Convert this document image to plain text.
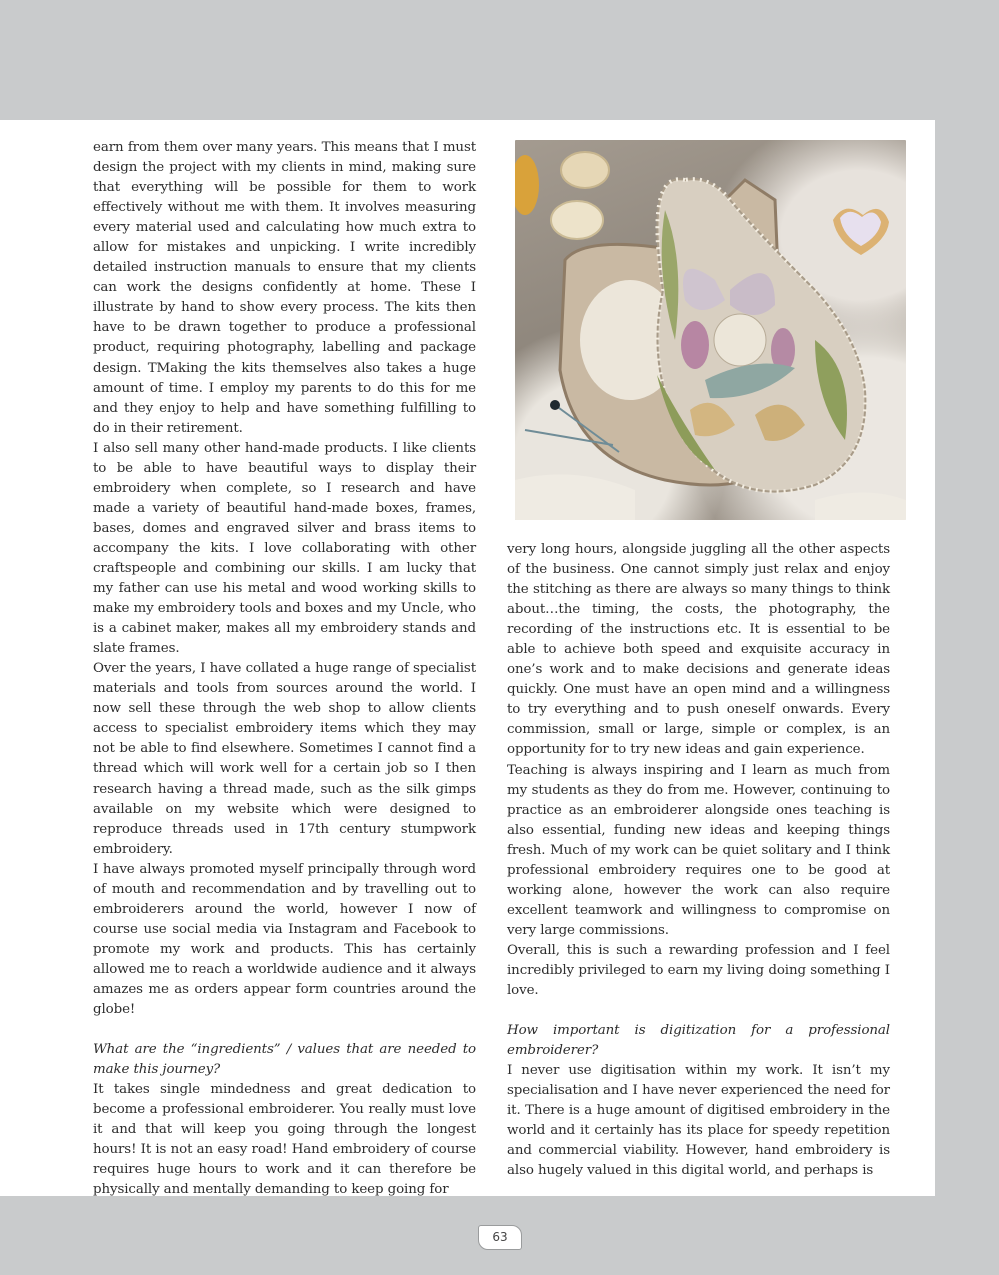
earn from them over many years. This means that I must design the project with my clients in mind, making sure that everything will be possible for them to work effectively without me with them. It involves measuring every material used and calculating how much extra to allow for mistakes and unpicking. I write incredibly detailed instruction manuals to ensure that my clients can work the designs confidently at home. These I illustrate by hand to show every process. The kits then have to be drawn together to produce a professional product, requiring photography, labelling and package design. TMaking the kits themselves also takes a huge amount of time. I employ my parents to do this for me and they enjoy to help and have something fulfilling to do in their retirement.

I also sell many other hand-made products. I like clients to be able to have beautiful ways to display their embroidery when complete, so I research and have made a variety of beautiful hand-made boxes, frames, bases, domes and engraved silver and brass items to accompany the kits. I love collaborating with other craftspeople and combining our skills. I am lucky that my father can use his metal and wood working skills to make my embroidery tools and boxes and my Uncle, who is a cabinet maker, makes all my embroidery stands and slate frames.

Over the years, I have collated a huge range of specialist materials and tools from sources around the world. I now sell these through the web shop to allow clients access to specialist embroidery items which they may not be able to find elsewhere. Sometimes I cannot find a thread which will work well for a certain job so I then research having a thread made, such as the silk gimps available on my website which were designed to reproduce threads used in 17th century stumpwork embroidery.

I have always promoted myself principally through word of mouth and recommendation and by travelling out to embroiderers around the world, however I now of course use social media via Instagram and Facebook to promote my work and products. This has certainly allowed me to reach a worldwide audience and it always amazes me as orders appear form countries around the globe!

What are the “ingredients” / values that are needed to make this journey?

It takes single mindedness and great dedication to become a professional embroiderer. You really must love it and that will keep you going through the longest hours! It is not an easy road! Hand embroidery of course requires huge hours to work and it can therefore be physically and mentally demanding to keep going for

very long hours, alongside juggling all the other aspects of the business. One cannot simply just relax and enjoy the stitching as there are always so many things to think about…the timing, the costs, the photography, the recording of the instructions etc. It is essential to be able to achieve both speed and exquisite accuracy in one’s work and to make decisions and generate ideas quickly. One must have an open mind and a willingness to try everything and to push oneself onwards. Every commission, small or large, simple or complex, is an opportunity for to try new ideas and gain experience.

Teaching is always inspiring and I learn as much from my students as they do from me. However, continuing to practice as an embroiderer alongside ones teaching is also essential, funding new ideas and keeping things fresh. Much of my work can be quiet solitary and I think professional embroidery requires one to be good at working alone, however the work can also require excellent teamwork and willingness to compromise on very large commissions.

Overall, this is such a rewarding profession and I feel incredibly privileged to earn my living doing something I love.

How important is digitization for a professional embroiderer?

I never use digitisation within my work. It isn’t my specialisation and I have never experienced the need for it. There is a huge amount of digitised embroidery in the world and it certainly has its place for speedy repetition and commercial viability. However, hand embroidery is also hugely valued in this digital world, and perhaps is

63
